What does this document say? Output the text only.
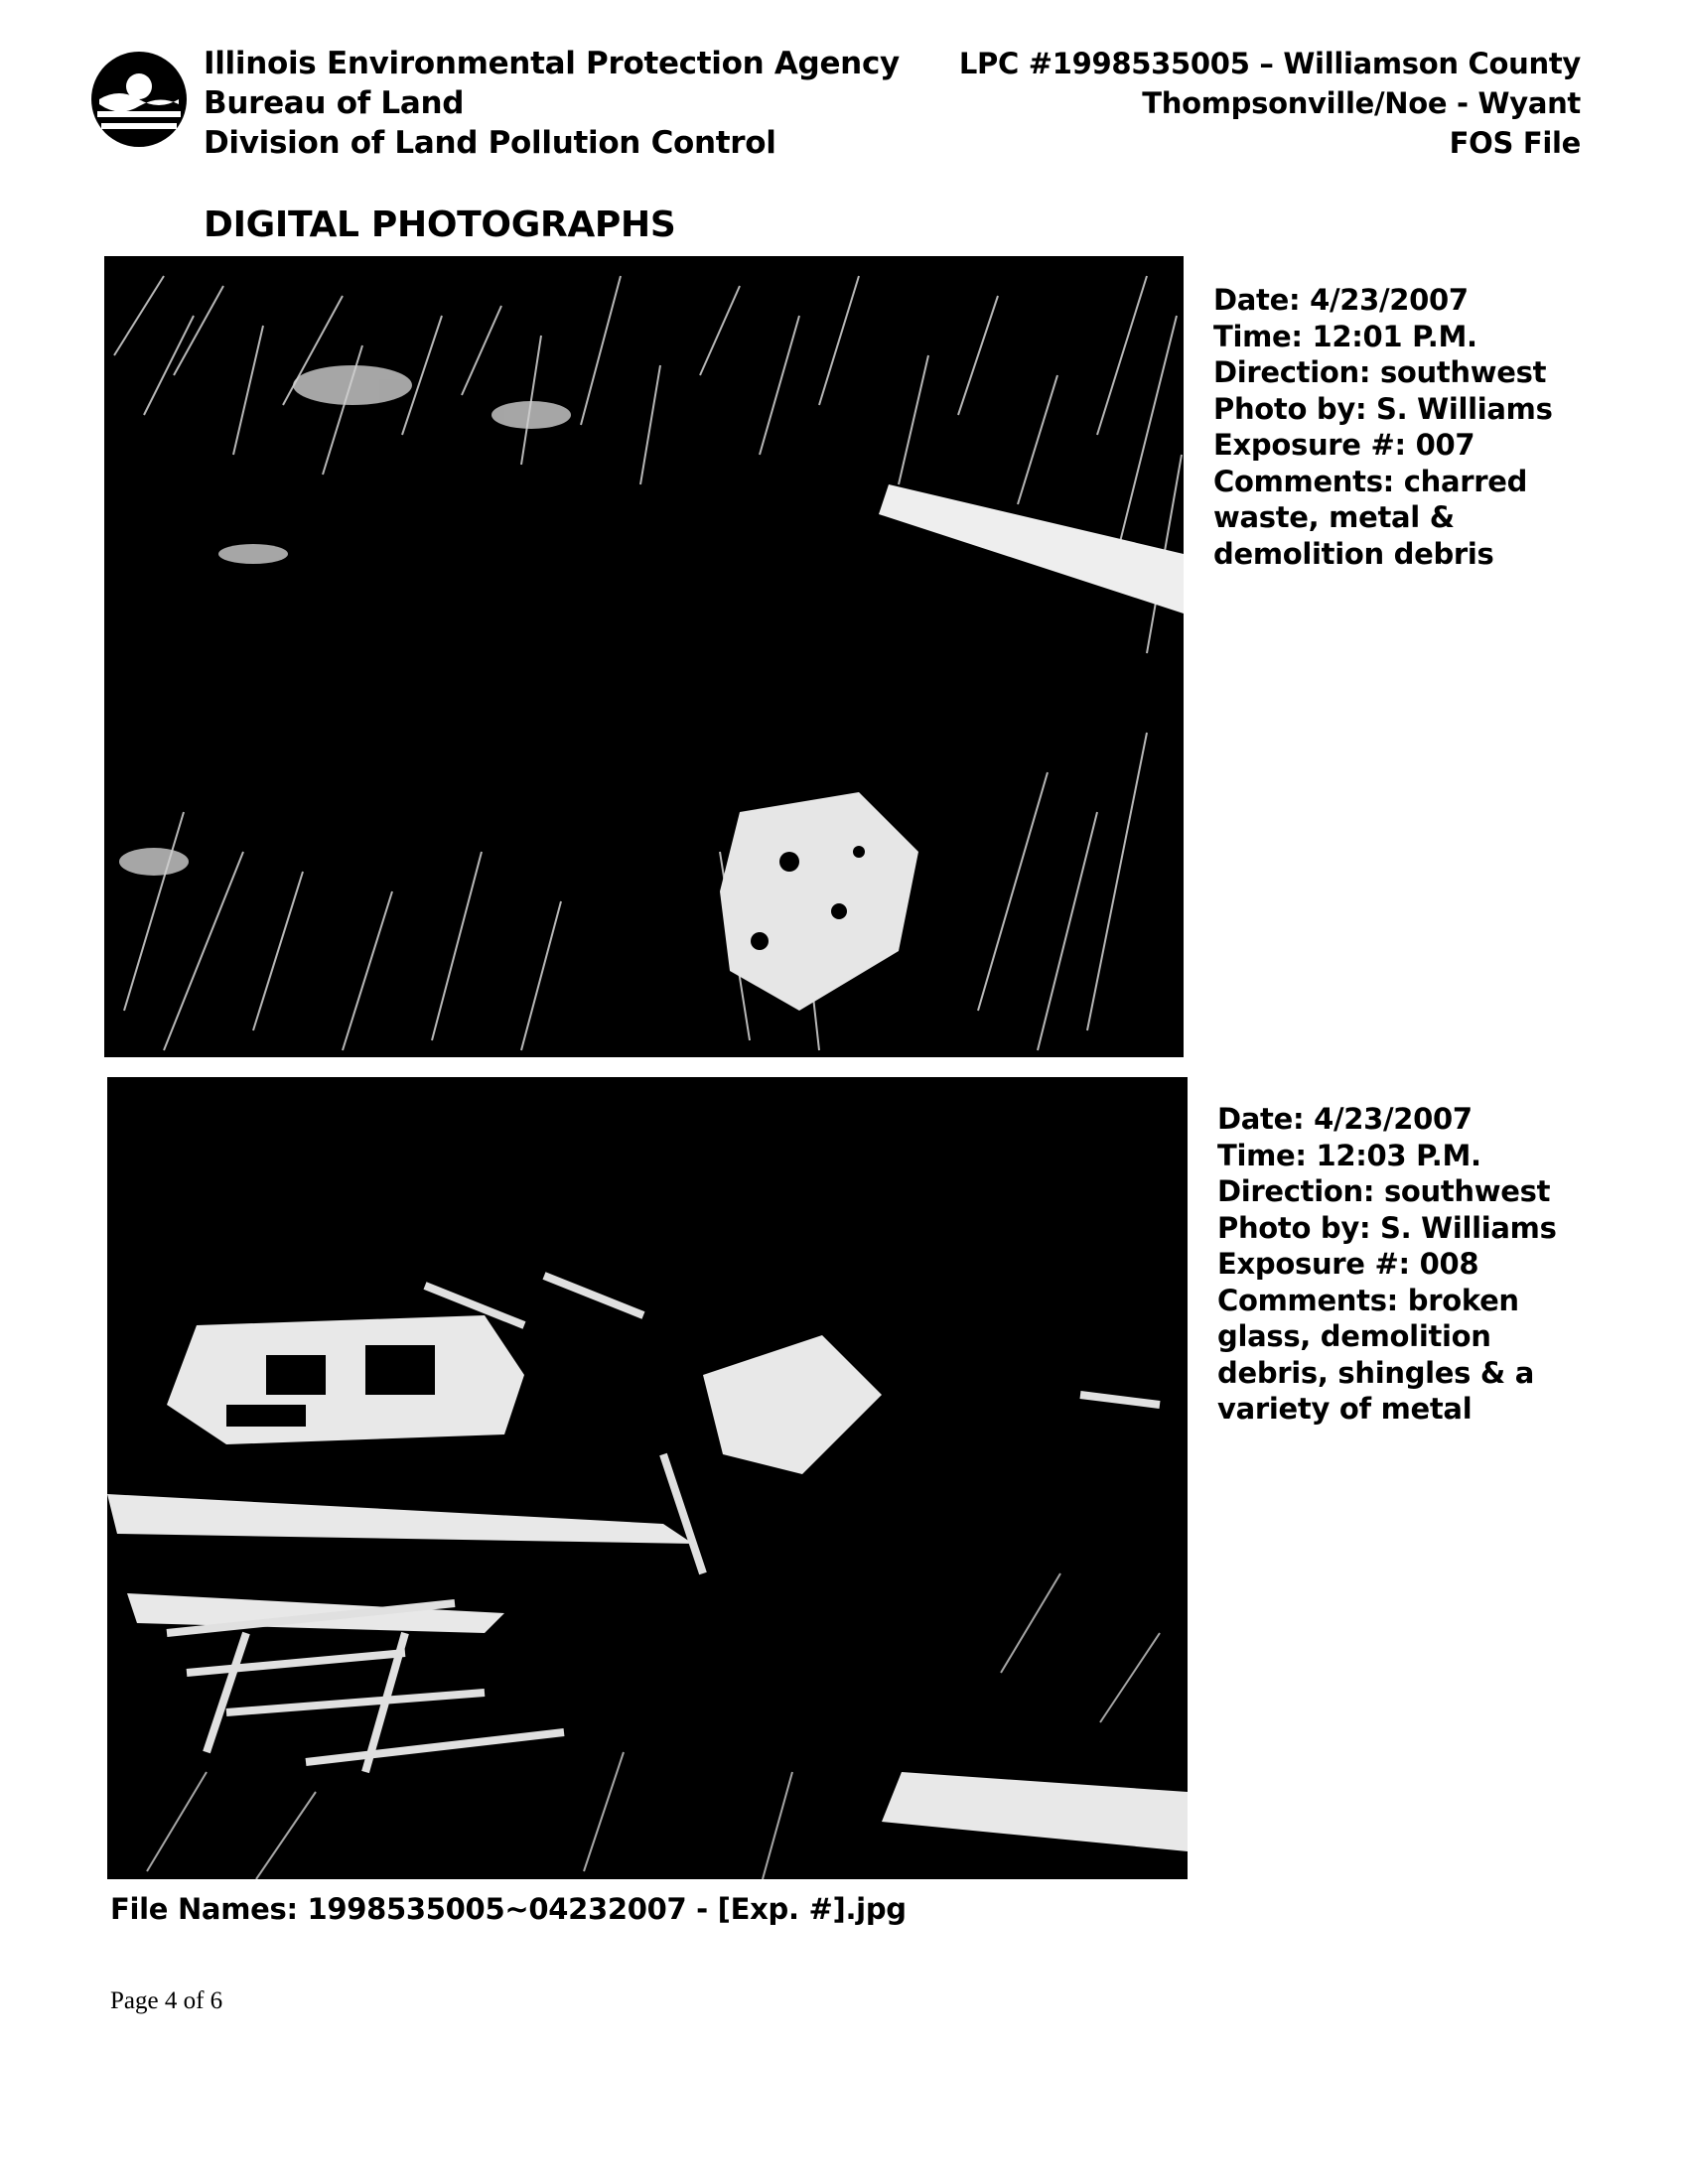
Illinois Environmental Protection Agency
Bureau of Land
Division of Land Pollution Control
LPC #1998535005 – Williamson County
Thompsonville/Noe - Wyant
FOS File
DIGITAL PHOTOGRAPHS
Date: 4/23/2007
Time: 12:01 P.M.
Direction: southwest
Photo by: S. Williams
Exposure #: 007
Comments: charred
waste, metal &
demolition debris
Date: 4/23/2007
Time: 12:03 P.M.
Direction: southwest
Photo by: S. Williams
Exposure #: 008
Comments: broken
glass, demolition
debris, shingles & a
variety of metal
File Names: 1998535005~04232007 - [Exp. #].jpg
Page 4 of 6
